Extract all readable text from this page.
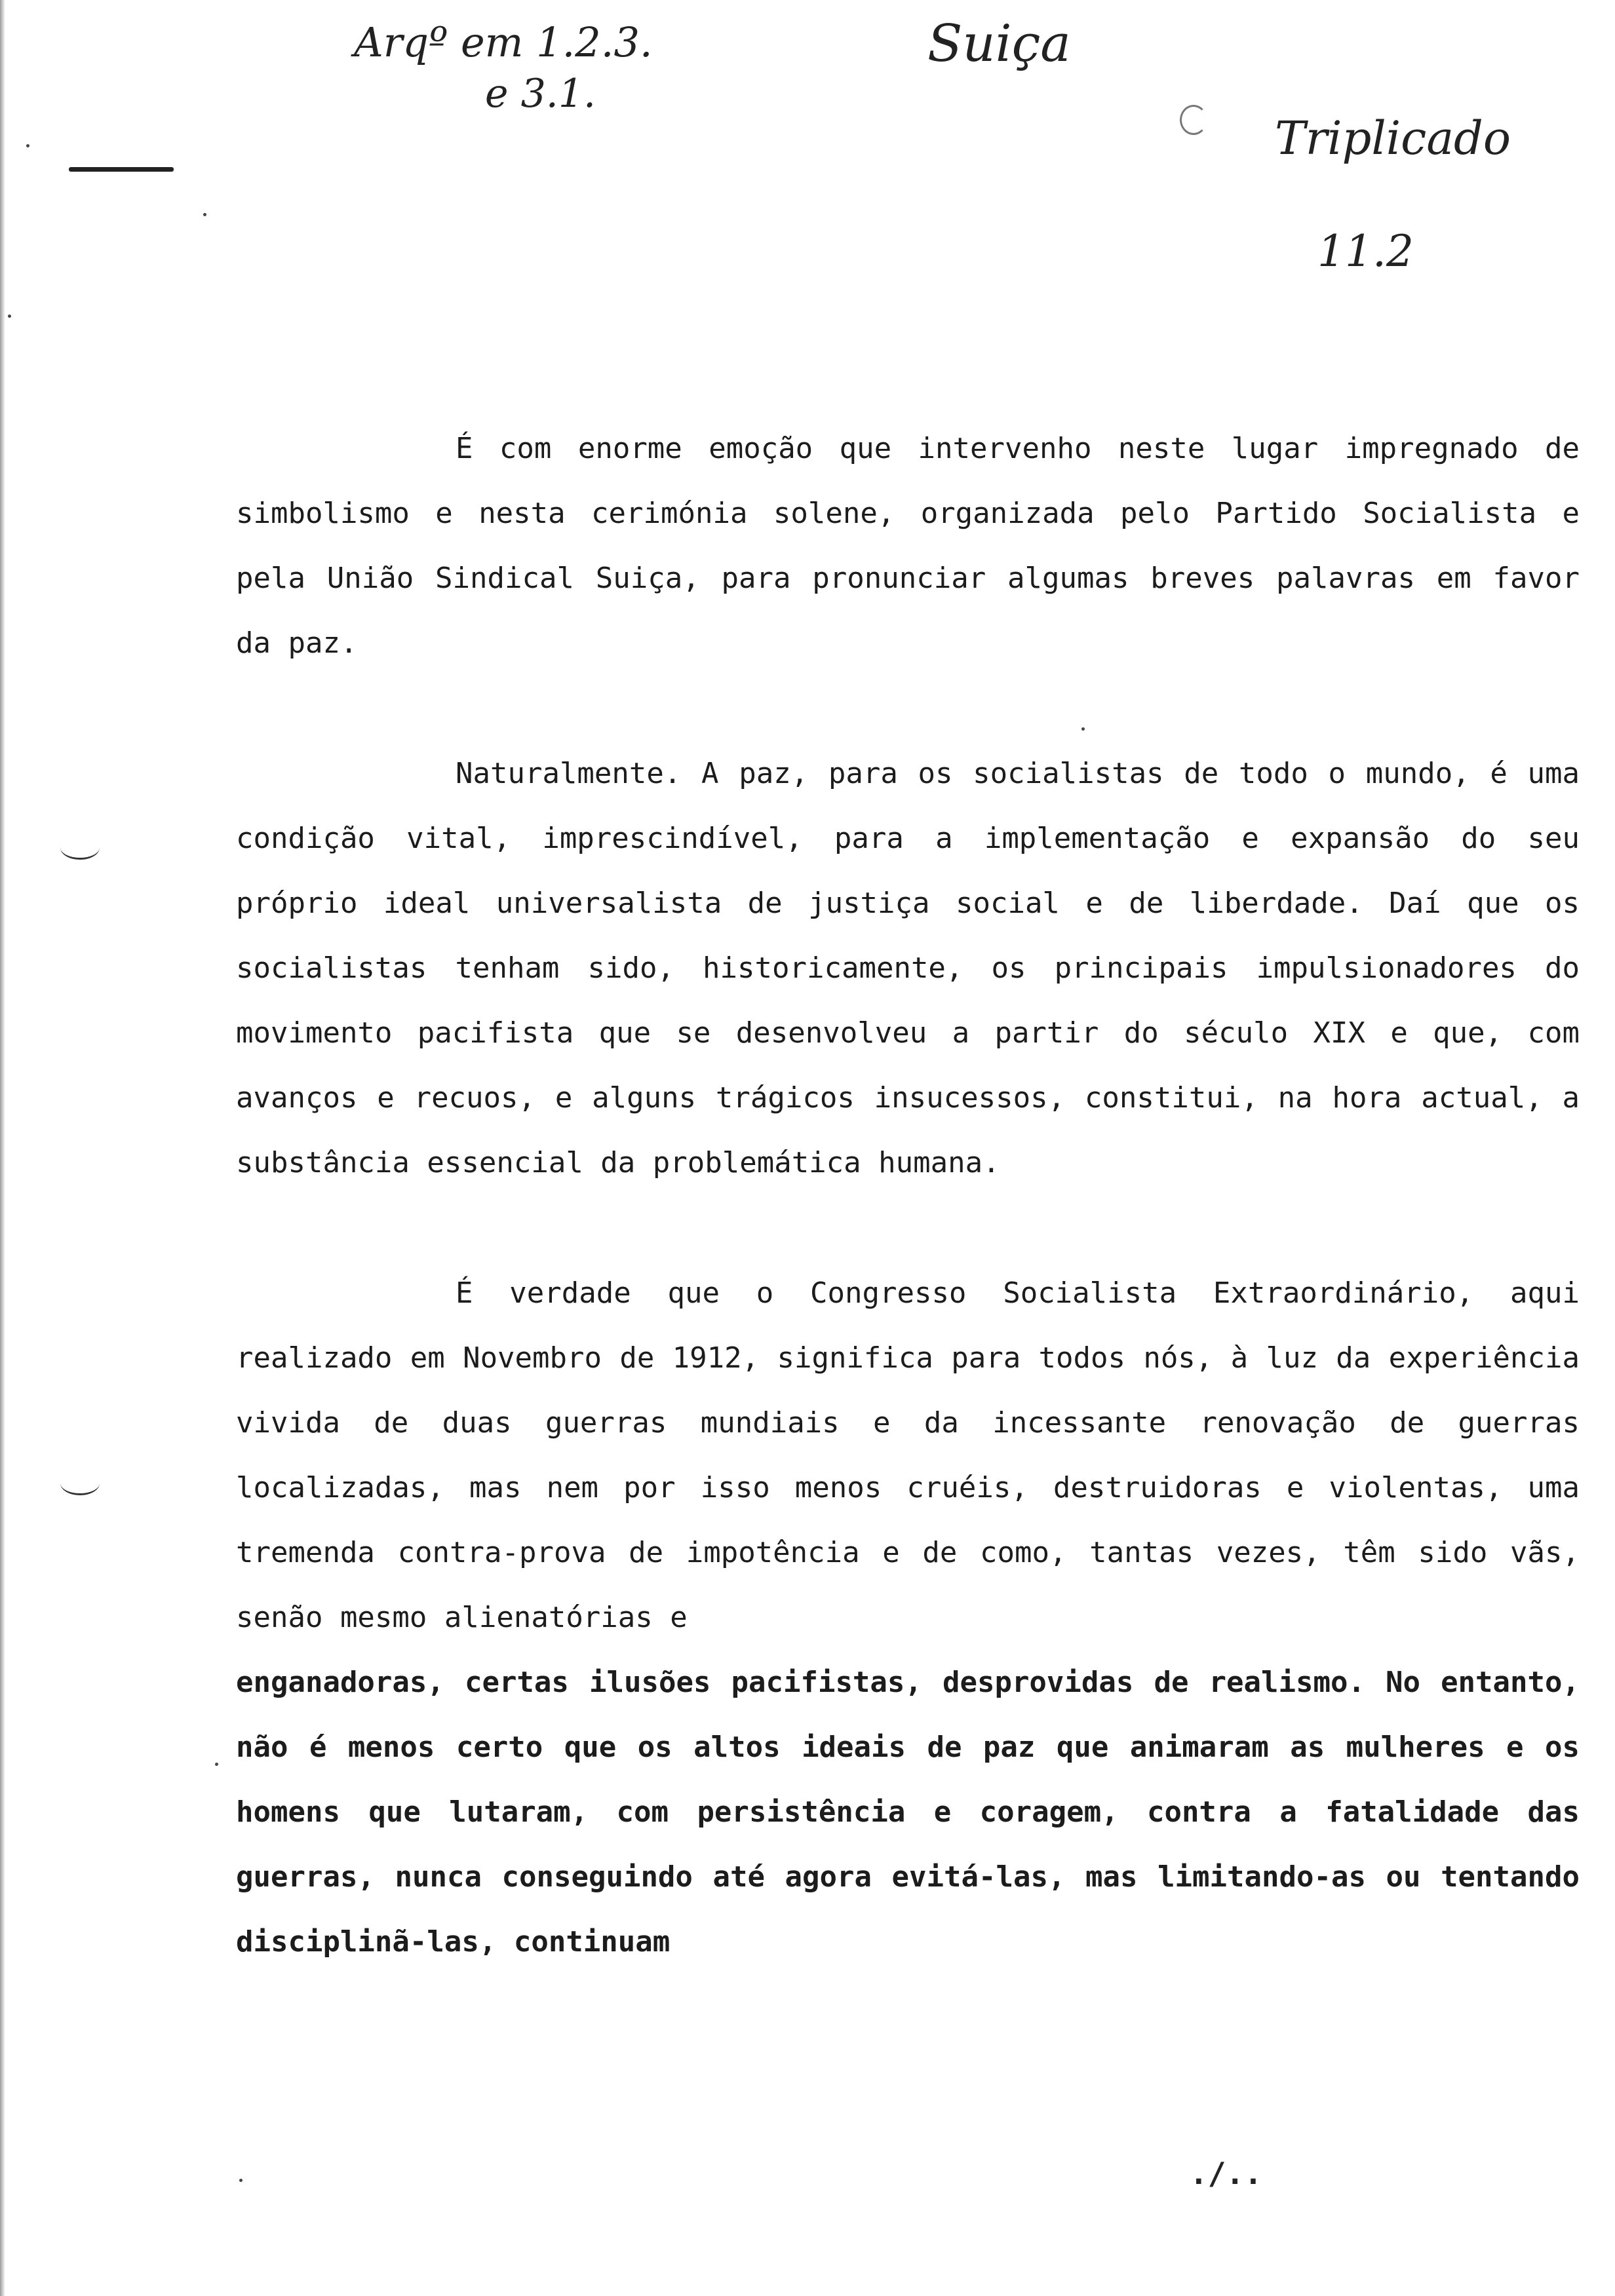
Arqº em 1.2.3.
e 3.1.
Suiça
Triplicado
11.2

É com enorme emoção que intervenho neste lugar impregnado de simbolismo e nesta cerimónia solene, organizada pelo Partido Socialista e pela União Sindical Suiça, para pronunciar algumas breves palavras em favor da paz.

Naturalmente. A paz, para os socialistas de todo o mundo, é uma condição vital, imprescindível, para a implementação e expansão do seu próprio ideal universalista de justiça social e de liberdade. Daí que os socialistas tenham sido, historicamente, os principais impulsionadores do movimento pacifista que se desenvolveu a partir do século XIX e que, com avanços e recuos, e alguns trágicos insucessos, constitui, na hora actual, a substância essencial da problemática humana.

É verdade que o Congresso Socialista Extraordinário, aqui realizado em Novembro de 1912, significa para todos nós, à luz da experiência vivida de duas guerras mundiais e da incessante renovação de guerras localizadas, mas nem por isso menos cruéis, destruidoras e violentas, uma tremenda contra-prova de impotência e de como, tantas vezes, têm sido vãs, senão mesmo alienatórias e

enganadoras, certas ilusões pacifistas, desprovidas de realismo. No entanto, não é menos certo que os altos ideais de paz que animaram as mulheres e os homens que lutaram, com persistência e coragem, contra a fatalidade das guerras, nunca conseguindo até agora evitá-las, mas limitando-as ou tentando disciplinã-las, continuam

./..
